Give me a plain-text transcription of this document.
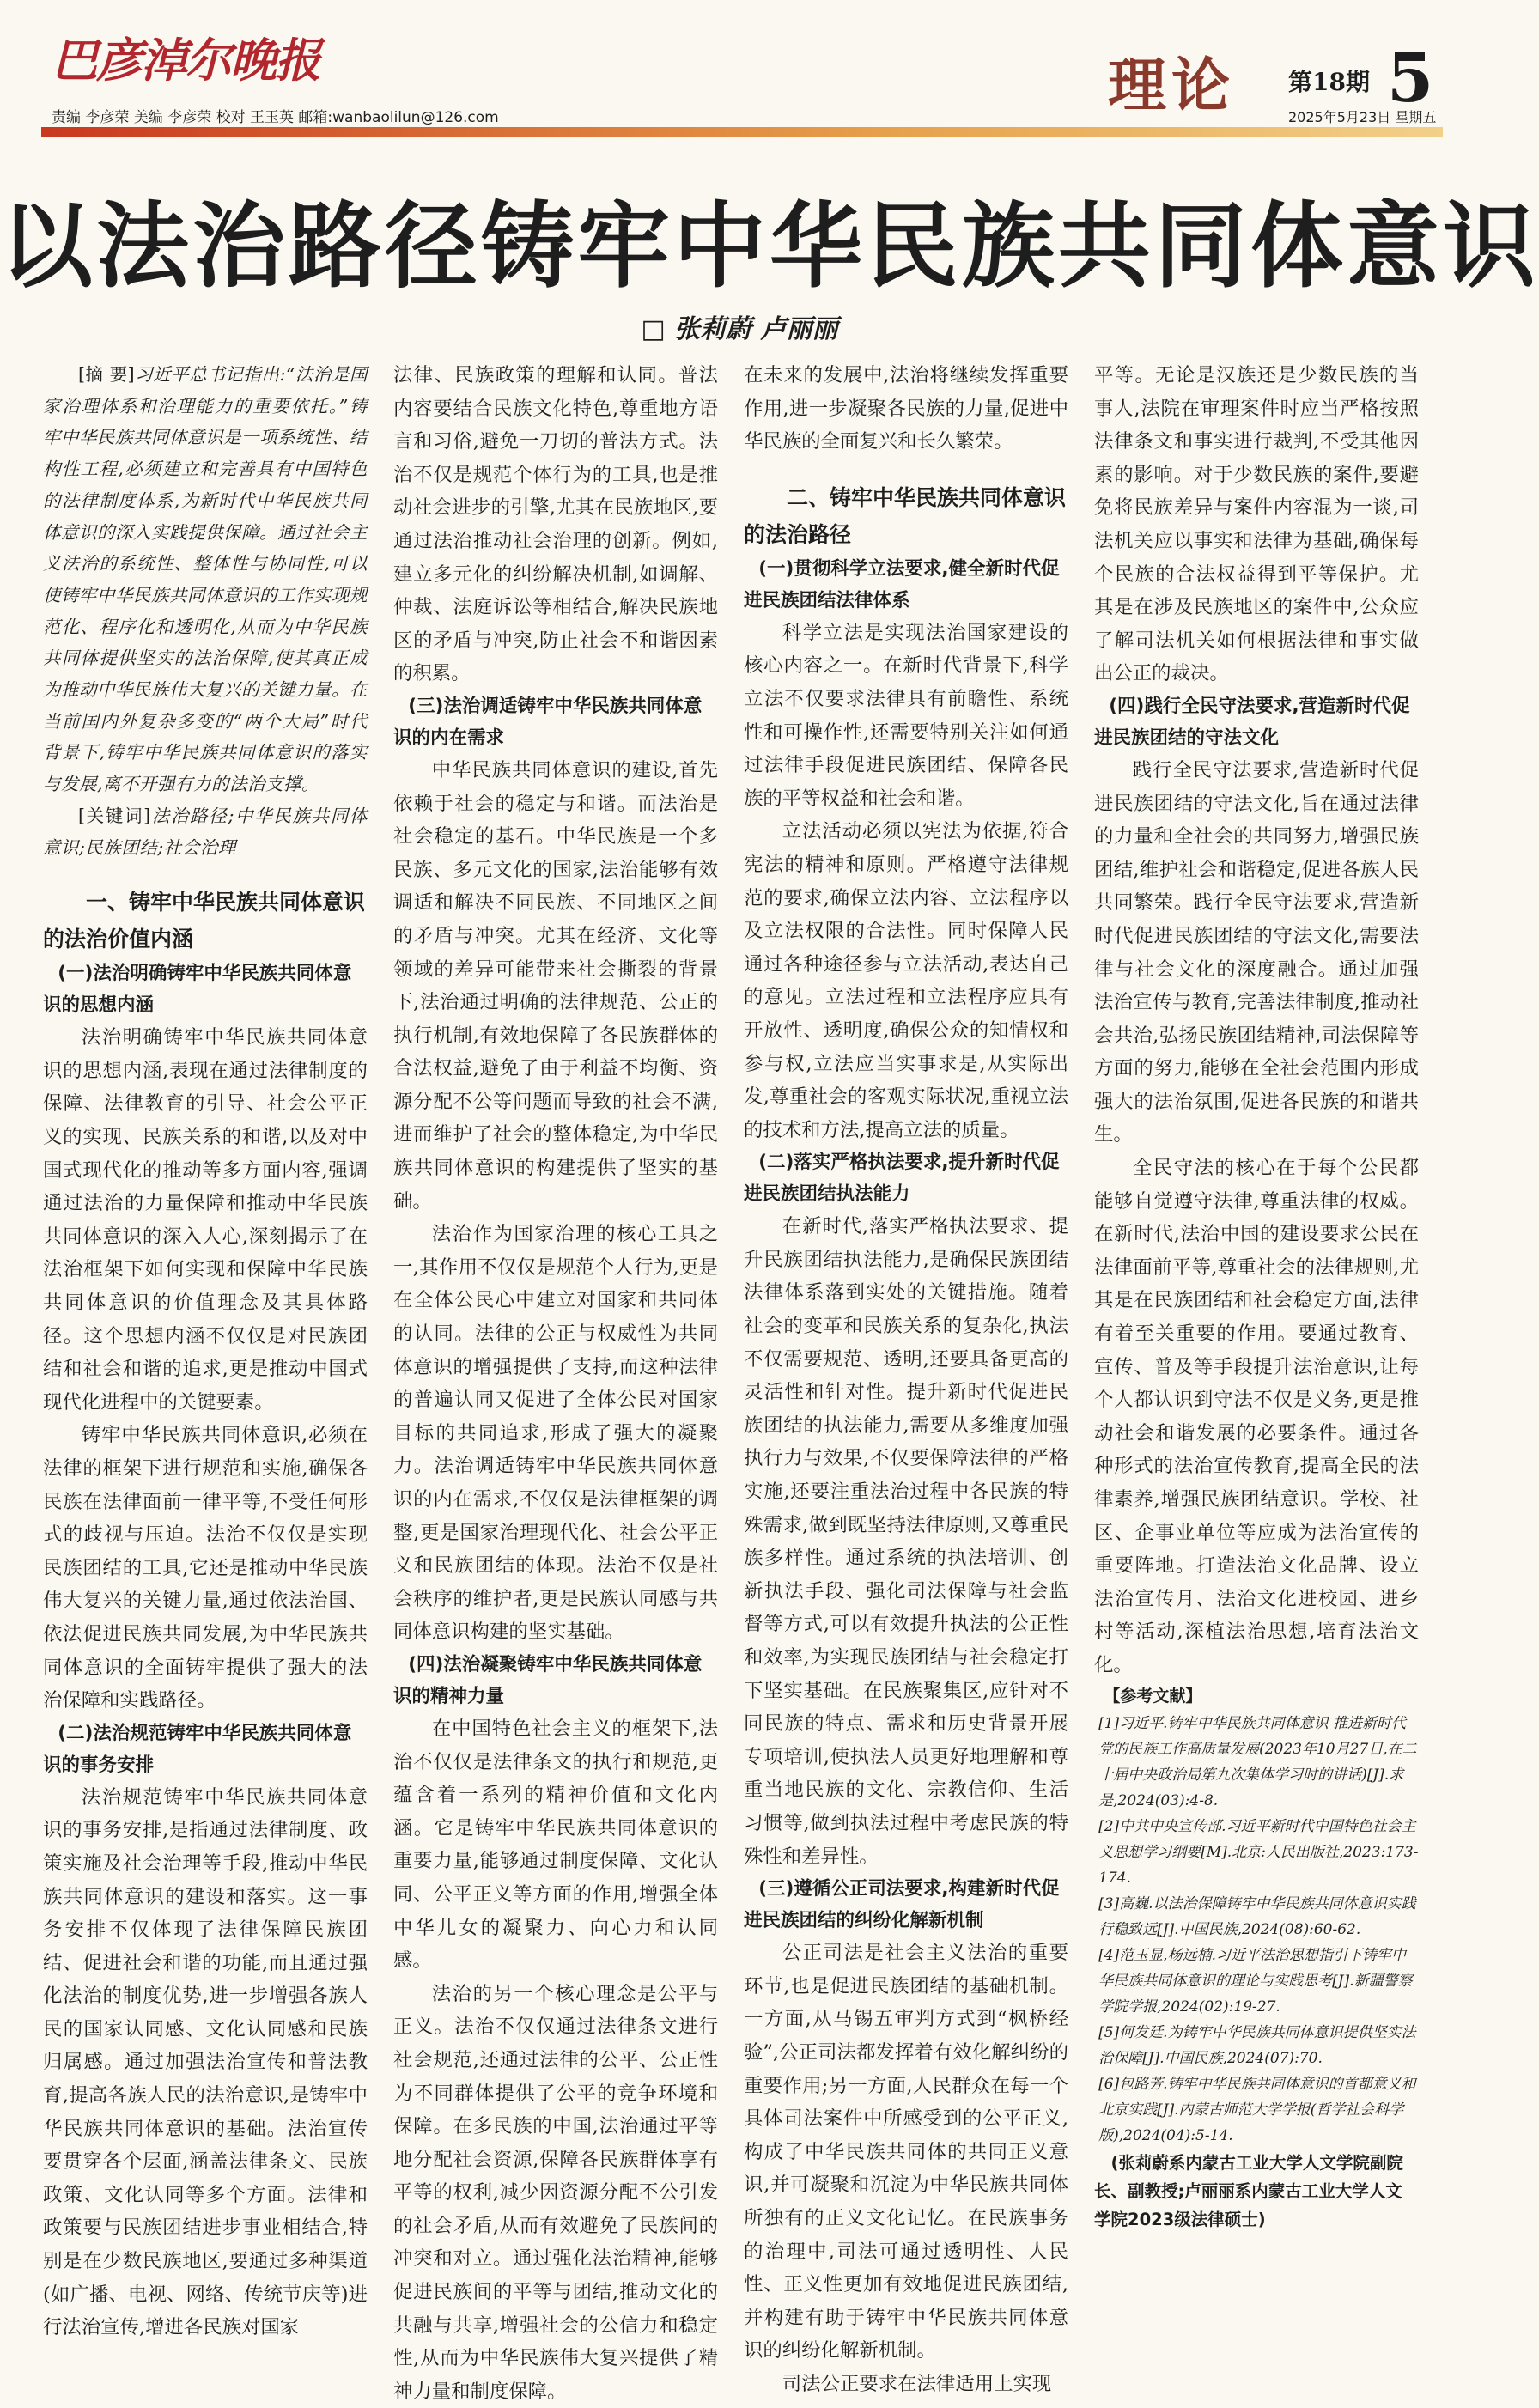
巴彦淖尔晚报
责编 李彦荣 美编 李彦荣 校对 王玉英 邮箱:wanbaolilun@126.com	理论 第18期 5
2025年5月23日 星期五
以法治路径铸牢中华民族共同体意识
□ 张莉蔚 卢丽丽

[摘 要]习近平总书记指出:“法治是国家治理体系和治理能力的重要依托。”铸牢中华民族共同体意识是一项系统性、结构性工程,必须建立和完善具有中国特色的法律制度体系,为新时代中华民族共同体意识的深入实践提供保障。通过社会主义法治的系统性、整体性与协同性,可以使铸牢中华民族共同体意识的工作实现规范化、程序化和透明化,从而为中华民族共同体提供坚实的法治保障,使其真正成为推动中华民族伟大复兴的关键力量。在当前国内外复杂多变的“两个大局”时代背景下,铸牢中华民族共同体意识的落实与发展,离不开强有力的法治支撑。

[关键词]法治路径;中华民族共同体意识;民族团结;社会治理

一、铸牢中华民族共同体意识的法治价值内涵
(一)法治明确铸牢中华民族共同体意识的思想内涵

法治明确铸牢中华民族共同体意识的思想内涵,表现在通过法律制度的保障、法律教育的引导、社会公平正义的实现、民族关系的和谐,以及对中国式现代化的推动等多方面内容,强调通过法治的力量保障和推动中华民族共同体意识的深入人心,深刻揭示了在法治框架下如何实现和保障中华民族共同体意识的价值理念及其具体路径。这个思想内涵不仅仅是对民族团结和社会和谐的追求,更是推动中国式现代化进程中的关键要素。

铸牢中华民族共同体意识,必须在法律的框架下进行规范和实施,确保各民族在法律面前一律平等,不受任何形式的歧视与压迫。法治不仅仅是实现民族团结的工具,它还是推动中华民族伟大复兴的关键力量,通过依法治国、依法促进民族共同发展,为中华民族共同体意识的全面铸牢提供了强大的法治保障和实践路径。

(二)法治规范铸牢中华民族共同体意识的事务安排

法治规范铸牢中华民族共同体意识的事务安排,是指通过法律制度、政策实施及社会治理等手段,推动中华民族共同体意识的建设和落实。这一事务安排不仅体现了法律保障民族团结、促进社会和谐的功能,而且通过强化法治的制度优势,进一步增强各族人民的国家认同感、文化认同感和民族归属感。通过加强法治宣传和普法教育,提高各族人民的法治意识,是铸牢中华民族共同体意识的基础。法治宣传要贯穿各个层面,涵盖法律条文、民族政策、文化认同等多个方面。法律和政策要与民族团结进步事业相结合,特别是在少数民族地区,要通过多种渠道(如广播、电视、网络、传统节庆等)进行法治宣传,增进各民族对国家

法律、民族政策的理解和认同。普法内容要结合民族文化特色,尊重地方语言和习俗,避免一刀切的普法方式。法治不仅是规范个体行为的工具,也是推动社会进步的引擎,尤其在民族地区,要通过法治推动社会治理的创新。例如,建立多元化的纠纷解决机制,如调解、仲裁、法庭诉讼等相结合,解决民族地区的矛盾与冲突,防止社会不和谐因素的积累。

(三)法治调适铸牢中华民族共同体意识的内在需求

中华民族共同体意识的建设,首先依赖于社会的稳定与和谐。而法治是社会稳定的基石。中华民族是一个多民族、多元文化的国家,法治能够有效调适和解决不同民族、不同地区之间的矛盾与冲突。尤其在经济、文化等领域的差异可能带来社会撕裂的背景下,法治通过明确的法律规范、公正的执行机制,有效地保障了各民族群体的合法权益,避免了由于利益不均衡、资源分配不公等问题而导致的社会不满,进而维护了社会的整体稳定,为中华民族共同体意识的构建提供了坚实的基础。

法治作为国家治理的核心工具之一,其作用不仅仅是规范个人行为,更是在全体公民心中建立对国家和共同体的认同。法律的公正与权威性为共同体意识的增强提供了支持,而这种法律的普遍认同又促进了全体公民对国家目标的共同追求,形成了强大的凝聚力。法治调适铸牢中华民族共同体意识的内在需求,不仅仅是法律框架的调整,更是国家治理现代化、社会公平正义和民族团结的体现。法治不仅是社会秩序的维护者,更是民族认同感与共同体意识构建的坚实基础。

(四)法治凝聚铸牢中华民族共同体意识的精神力量

在中国特色社会主义的框架下,法治不仅仅是法律条文的执行和规范,更蕴含着一系列的精神价值和文化内涵。它是铸牢中华民族共同体意识的重要力量,能够通过制度保障、文化认同、公平正义等方面的作用,增强全体中华儿女的凝聚力、向心力和认同感。

法治的另一个核心理念是公平与正义。法治不仅仅通过法律条文进行社会规范,还通过法律的公平、公正性为不同群体提供了公平的竞争环境和保障。在多民族的中国,法治通过平等地分配社会资源,保障各民族群体享有平等的权利,减少因资源分配不公引发的社会矛盾,从而有效避免了民族间的冲突和对立。通过强化法治精神,能够促进民族间的平等与团结,推动文化的共融与共享,增强社会的公信力和稳定性,从而为中华民族伟大复兴提供了精神力量和制度保障。

在未来的发展中,法治将继续发挥重要作用,进一步凝聚各民族的力量,促进中华民族的全面复兴和长久繁荣。

二、铸牢中华民族共同体意识的法治路径
(一)贯彻科学立法要求,健全新时代促进民族团结法律体系

科学立法是实现法治国家建设的核心内容之一。在新时代背景下,科学立法不仅要求法律具有前瞻性、系统性和可操作性,还需要特别关注如何通过法律手段促进民族团结、保障各民族的平等权益和社会和谐。

立法活动必须以宪法为依据,符合宪法的精神和原则。严格遵守法律规范的要求,确保立法内容、立法程序以及立法权限的合法性。同时保障人民通过各种途径参与立法活动,表达自己的意见。立法过程和立法程序应具有开放性、透明度,确保公众的知情权和参与权,立法应当实事求是,从实际出发,尊重社会的客观实际状况,重视立法的技术和方法,提高立法的质量。

(二)落实严格执法要求,提升新时代促进民族团结执法能力

在新时代,落实严格执法要求、提升民族团结执法能力,是确保民族团结法律体系落到实处的关键措施。随着社会的变革和民族关系的复杂化,执法不仅需要规范、透明,还要具备更高的灵活性和针对性。提升新时代促进民族团结的执法能力,需要从多维度加强执行力与效果,不仅要保障法律的严格实施,还要注重法治过程中各民族的特殊需求,做到既坚持法律原则,又尊重民族多样性。通过系统的执法培训、创新执法手段、强化司法保障与社会监督等方式,可以有效提升执法的公正性和效率,为实现民族团结与社会稳定打下坚实基础。在民族聚集区,应针对不同民族的特点、需求和历史背景开展专项培训,使执法人员更好地理解和尊重当地民族的文化、宗教信仰、生活习惯等,做到执法过程中考虑民族的特殊性和差异性。

(三)遵循公正司法要求,构建新时代促进民族团结的纠纷化解新机制

公正司法是社会主义法治的重要环节,也是促进民族团结的基础机制。一方面,从马锡五审判方式到“枫桥经验”,公正司法都发挥着有效化解纠纷的重要作用;另一方面,人民群众在每一个具体司法案件中所感受到的公平正义,构成了中华民族共同体的共同正义意识,并可凝聚和沉淀为中华民族共同体所独有的正义文化记忆。在民族事务的治理中,司法可通过透明性、人民性、正义性更加有效地促进民族团结,并构建有助于铸牢中华民族共同体意识的纠纷化解新机制。

司法公正要求在法律适用上实现

平等。无论是汉族还是少数民族的当事人,法院在审理案件时应当严格按照法律条文和事实进行裁判,不受其他因素的影响。对于少数民族的案件,要避免将民族差异与案件内容混为一谈,司法机关应以事实和法律为基础,确保每个民族的合法权益得到平等保护。尤其是在涉及民族地区的案件中,公众应了解司法机关如何根据法律和事实做出公正的裁决。

(四)践行全民守法要求,营造新时代促进民族团结的守法文化

践行全民守法要求,营造新时代促进民族团结的守法文化,旨在通过法律的力量和全社会的共同努力,增强民族团结,维护社会和谐稳定,促进各族人民共同繁荣。践行全民守法要求,营造新时代促进民族团结的守法文化,需要法律与社会文化的深度融合。通过加强法治宣传与教育,完善法律制度,推动社会共治,弘扬民族团结精神,司法保障等方面的努力,能够在全社会范围内形成强大的法治氛围,促进各民族的和谐共生。

全民守法的核心在于每个公民都能够自觉遵守法律,尊重法律的权威。在新时代,法治中国的建设要求公民在法律面前平等,尊重社会的法律规则,尤其是在民族团结和社会稳定方面,法律有着至关重要的作用。要通过教育、宣传、普及等手段提升法治意识,让每个人都认识到守法不仅是义务,更是推动社会和谐发展的必要条件。通过各种形式的法治宣传教育,提高全民的法律素养,增强民族团结意识。学校、社区、企事业单位等应成为法治宣传的重要阵地。打造法治文化品牌、设立法治宣传月、法治文化进校园、进乡村等活动,深植法治思想,培育法治文化。

【参考文献】
[1]习近平.铸牢中华民族共同体意识 推进新时代党的民族工作高质量发展(2023年10月27日,在二十届中央政治局第九次集体学习时的讲话)[J].求是,2024(03):4-8.
[2]中共中央宣传部.习近平新时代中国特色社会主义思想学习纲要[M].北京:人民出版社,2023:173-174.
[3]高巍.以法治保障铸牢中华民族共同体意识实践行稳致远[J].中国民族,2024(08):60-62.
[4]范玉显,杨远楠.习近平法治思想指引下铸牢中华民族共同体意识的理论与实践思考[J].新疆警察学院学报,2024(02):19-27.
[5]何发廷.为铸牢中华民族共同体意识提供坚实法治保障[J].中国民族,2024(07):70.
[6]包路芳.铸牢中华民族共同体意识的首都意义和北京实践[J].内蒙古师范大学学报(哲学社会科学版),2024(04):5-14.
(张莉蔚系内蒙古工业大学人文学院副院长、副教授;卢丽丽系内蒙古工业大学人文学院2023级法律硕士)
